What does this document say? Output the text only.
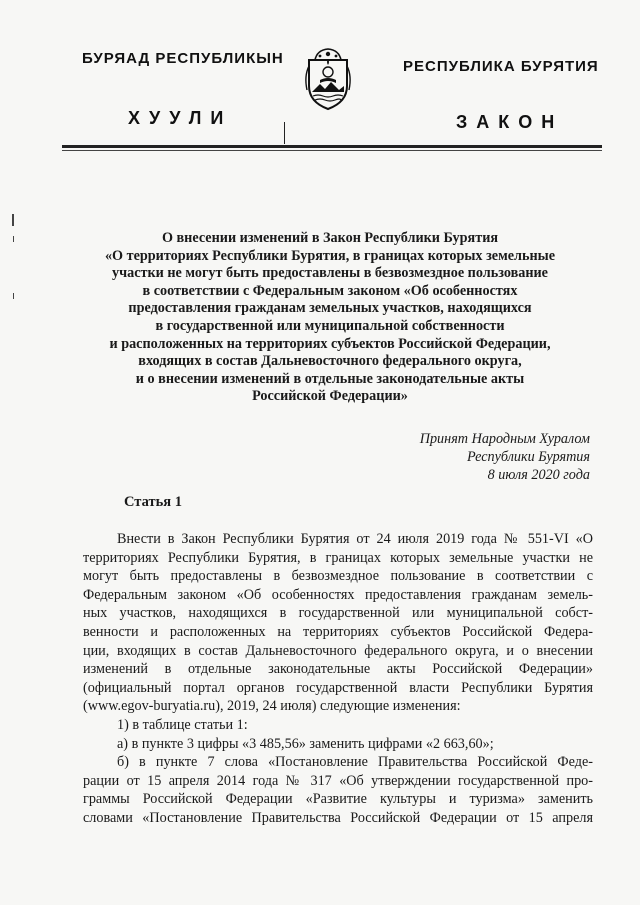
БУРЯАД РЕСПУБЛИКЫН	РЕСПУБЛИКА БУРЯТИЯ
ХУУЛИ	ЗАКОН
О внесении изменений в Закон Республики Бурятия
«О территориях Республики Бурятия, в границах которых земельные
участки не могут быть предоставлены в безвозмездное пользование
в соответствии с Федеральным законом «Об особенностях
предоставления гражданам земельных участков, находящихся
в государственной или муниципальной собственности
и расположенных на территориях субъектов Российской Федерации,
входящих в состав Дальневосточного федерального округа,
и о внесении изменений в отдельные законодательные акты
Российской Федерации»
Принят Народным Хуралом
Республики Бурятия
8 июля 2020 года
Статья 1
Внести в Закон Республики Бурятия от 24 июля 2019 года № 551-VI «О
территориях Республики Бурятия, в границах которых земельные участки не
могут быть предоставлены в безвозмездное пользование в соответствии с
Федеральным законом «Об особенностях предоставления гражданам земель-
ных участков, находящихся в государственной или муниципальной собст-
венности и расположенных на территориях субъектов Российской Федера-
ции, входящих в состав Дальневосточного федерального округа, и о внесении
изменений в отдельные законодательные акты Российской Федерации»
(официальный портал органов государственной власти Республики Бурятия
(www.egov-buryatia.ru), 2019, 24 июля) следующие изменения:
1) в таблице статьи 1:
а) в пункте 3 цифры «3 485,56» заменить цифрами «2 663,60»;
б) в пункте 7 слова «Постановление Правительства Российской Феде-
рации от 15 апреля 2014 года № 317 «Об утверждении государственной про-
граммы Российской Федерации «Развитие культуры и туризма» заменить
словами «Постановление Правительства Российской Федерации от 15 апреля
